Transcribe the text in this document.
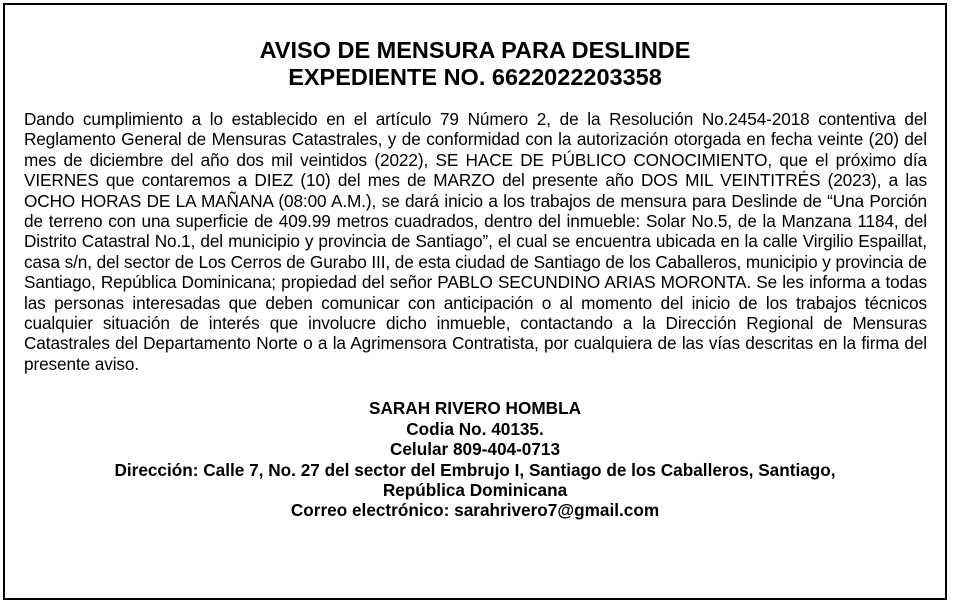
AVISO DE MENSURA PARA DESLINDE
EXPEDIENTE NO. 6622022203358
Dando cumplimiento a lo establecido en el artículo 79 Número 2, de la Resolución No.2454-2018 contentiva del Reglamento General de Mensuras Catastrales, y de conformidad con la autorización otorgada en fecha veinte (20) del mes de diciembre del año dos mil veintidos (2022), SE HACE DE PÚBLICO CONOCIMIENTO, que el próximo día VIERNES que contaremos a DIEZ (10) del mes de MARZO del presente año DOS MIL VEINTITRÉS (2023), a las OCHO HORAS DE LA MAÑANA (08:00 A.M.), se dará inicio a los trabajos de mensura para Deslinde de “Una Porción de terreno con una superficie de 409.99 metros cuadrados, dentro del inmueble: Solar No.5, de la Manzana 1184, del Distrito Catastral No.1, del municipio y provincia de Santiago”, el cual se encuentra ubicada en la calle Virgilio Espaillat, casa s/n, del sector de Los Cerros de Gurabo III, de esta ciudad de Santiago de los Caballeros, municipio y provincia de Santiago, República Dominicana; propiedad del señor PABLO SECUNDINO ARIAS MORONTA. Se les informa a todas las personas interesadas que deben comunicar con anticipación o al momento del inicio de los trabajos técnicos cualquier situación de interés que involucre dicho inmueble, contactando a la Dirección Regional de Mensuras Catastrales del Departamento Norte o a la Agrimensora Contratista, por cualquiera de las vías descritas en la firma del presente aviso.
SARAH RIVERO HOMBLA
Codia No. 40135.
Celular 809-404-0713
Dirección: Calle 7, No. 27 del sector del Embrujo I, Santiago de los Caballeros, Santiago,
República Dominicana
Correo electrónico: sarahrivero7@gmail.com
